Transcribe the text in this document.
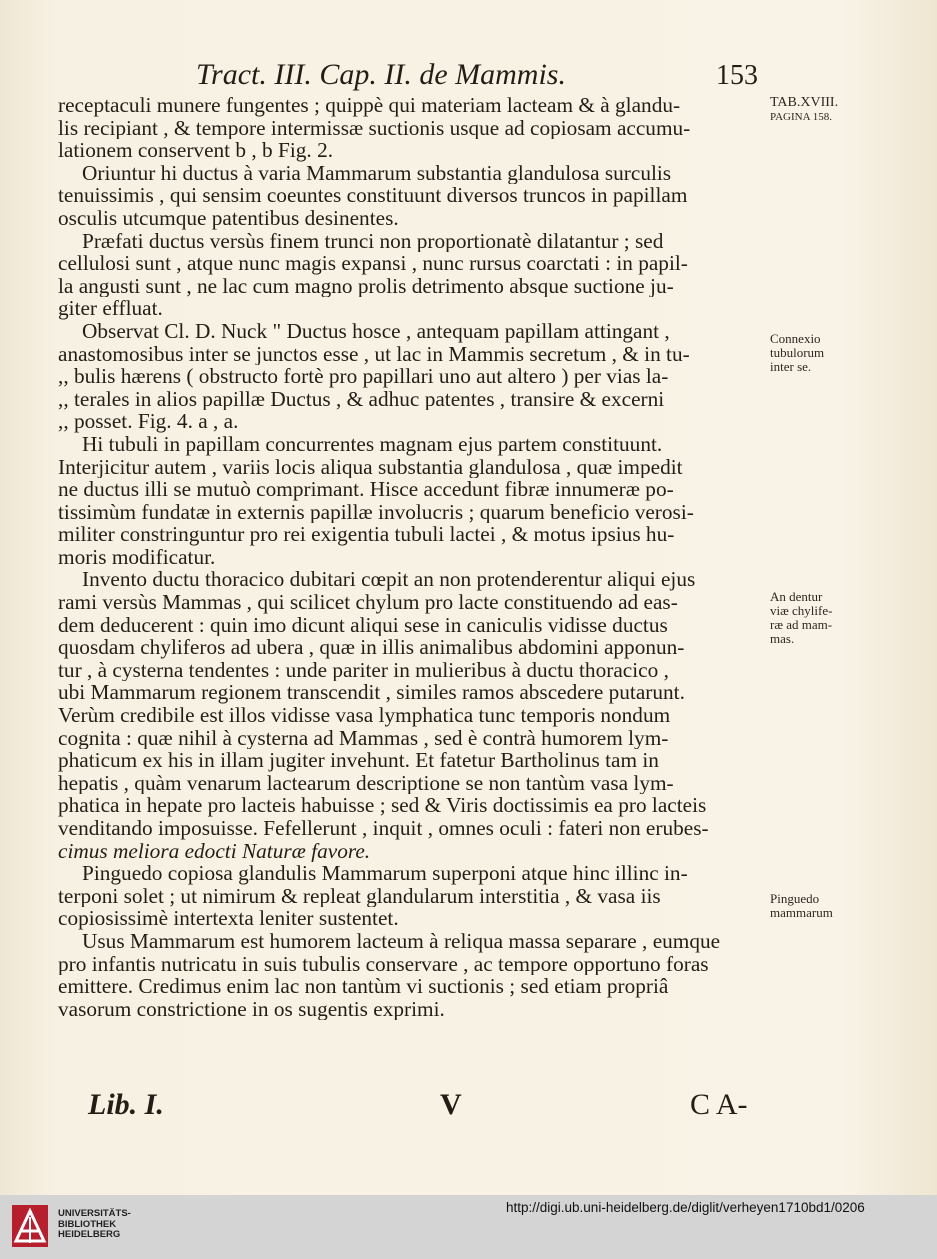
Tract. III. Cap. II. de Mammis.	153
receptaculi munere fungentes ; quippè qui materiam lacteam & à glandu-
lis recipiant , & tempore intermissæ suctionis usque ad copiosam accumu-
lationem conservent b , b Fig. 2.
Oriuntur hi ductus à varia Mammarum substantia glandulosa surculis
tenuissimis , qui sensim coeuntes constituunt diversos truncos in papillam
osculis utcumque patentibus desinentes.
Præfati ductus versùs finem trunci non proportionatè dilatantur ; sed
cellulosi sunt , atque nunc magis expansi , nunc rursus coarctati : in papil-
la angusti sunt , ne lac cum magno prolis detrimento absque suctione ju-
giter effluat.
Observat Cl. D. Nuck " Ductus hosce , antequam papillam attingant ,
anastomosibus inter se junctos esse , ut lac in Mammis secretum , & in tu-
,, bulis hærens ( obstructo fortè pro papillari uno aut altero ) per vias la-
,, terales in alios papillæ Ductus , & adhuc patentes , transire & excerni
,, posset. Fig. 4. a , a.
Hi tubuli in papillam concurrentes magnam ejus partem constituunt.
Interjicitur autem , variis locis aliqua substantia glandulosa , quæ impedit
ne ductus illi se mutuò comprimant. Hisce accedunt fibræ innumeræ po-
tissimùm fundatæ in externis papillæ involucris ; quarum beneficio verosi-
militer constringuntur pro rei exigentia tubuli lactei , & motus ipsius hu-
moris modificatur.
Invento ductu thoracico dubitari cœpit an non protenderentur aliqui ejus
rami versùs Mammas , qui scilicet chylum pro lacte constituendo ad eas-
dem deducerent : quin imo dicunt aliqui sese in caniculis vidisse ductus
quosdam chyliferos ad ubera , quæ in illis animalibus abdomini apponun-
tur , à cysterna tendentes : unde pariter in mulieribus à ductu thoracico ,
ubi Mammarum regionem transcendit , similes ramos abscedere putarunt.
Verùm credibile est illos vidisse vasa lymphatica tunc temporis nondum
cognita : quæ nihil à cysterna ad Mammas , sed è contrà humorem lym-
phaticum ex his in illam jugiter invehunt. Et fatetur Bartholinus tam in
hepatis , quàm venarum lactearum descriptione se non tantùm vasa lym-
phatica in hepate pro lacteis habuisse ; sed & Viris doctissimis ea pro lacteis
venditando imposuisse. Fefellerunt , inquit , omnes oculi : fateri non erubes-
cimus meliora edocti Naturæ favore.
Pinguedo copiosa glandulis Mammarum superponi atque hinc illinc in-
terponi solet ; ut nimirum & repleat glandularum interstitia , & vasa iis
copiosissimè intertexta leniter sustentet.
Usus Mammarum est humorem lacteum à reliqua massa separare , eumque
pro infantis nutricatu in suis tubulis conservare , ac tempore opportuno foras
emittere. Credimus enim lac non tantùm vi suctionis ; sed etiam propriâ
vasorum constrictione in os sugentis exprimi.
TAB.XVIII.
PAGINA 158.
Connexio
tubulorum
inter se.
An dentur
viæ chylife-
ræ ad mam-
mas.
Pinguedo
mammarum
Lib. I.	V	C A-
UNIVERSITÄTS-
BIBLIOTHEK
HEIDELBERG
http://digi.ub.uni-heidelberg.de/diglit/verheyen1710bd1/0206
